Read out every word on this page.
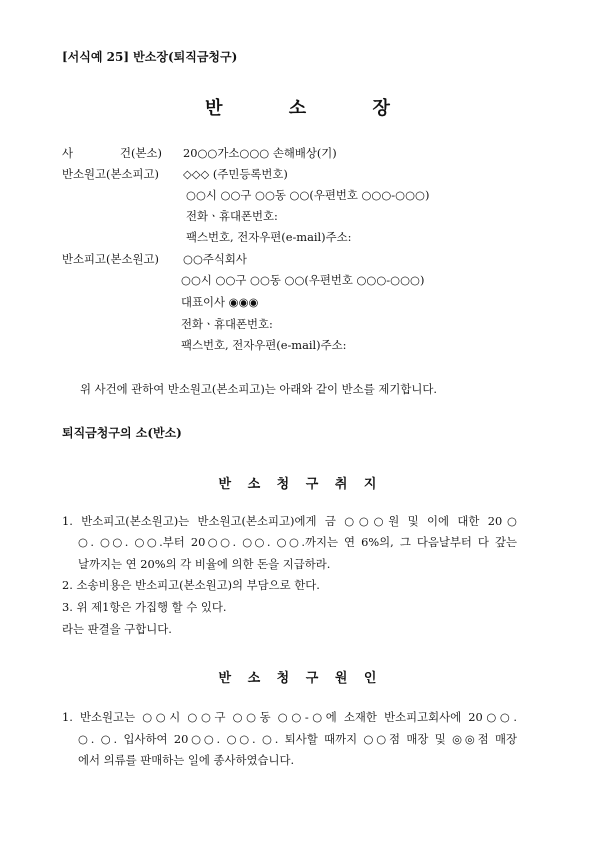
[서식예 25] 반소장(퇴직금청구)
반 소 장
사	건(본소) 20○○가소○○○ 손해배상(기)
반소원고(본소피고) ◇◇◇ (주민등록번호)
○○시 ○○구 ○○동 ○○(우편번호 ○○○-○○○)
전화ㆍ휴대폰번호:
팩스번호, 전자우편(e-mail)주소:
반소피고(본소원고) ○○주식회사
○○시 ○○구 ○○동 ○○(우편번호 ○○○-○○○)
대표이사 ◉◉◉
전화ㆍ휴대폰번호:
팩스번호, 전자우편(e-mail)주소:
위 사건에 관하여 반소원고(본소피고)는 아래와 같이 반소를 제기합니다.
퇴직금청구의 소(반소)
반 소 청 구 취 지
1. 반소피고(본소원고)는 반소원고(본소피고)에게 금 ○○○원 및 이에 대한 20○
○. ○○. ○○.부터 20○○. ○○. ○○.까지는 연 6%의, 그 다음날부터 다 갚는
날까지는 연 20%의 각 비율에 의한 돈을 지급하라.
2. 소송비용은 반소피고(본소원고)의 부담으로 한다.
3. 위 제1항은 가집행 할 수 있다.
라는 판결을 구합니다.
반 소 청 구 원 인
1. 반소원고는 ○○시 ○○구 ○○동 ○○-○에 소재한 반소피고회사에 20○○.
○. ○. 입사하여 20○○. ○○. ○. 퇴사할 때까지 ○○점 매장 및 ◎◎점 매장
에서 의류를 판매하는 일에 종사하였습니다.
